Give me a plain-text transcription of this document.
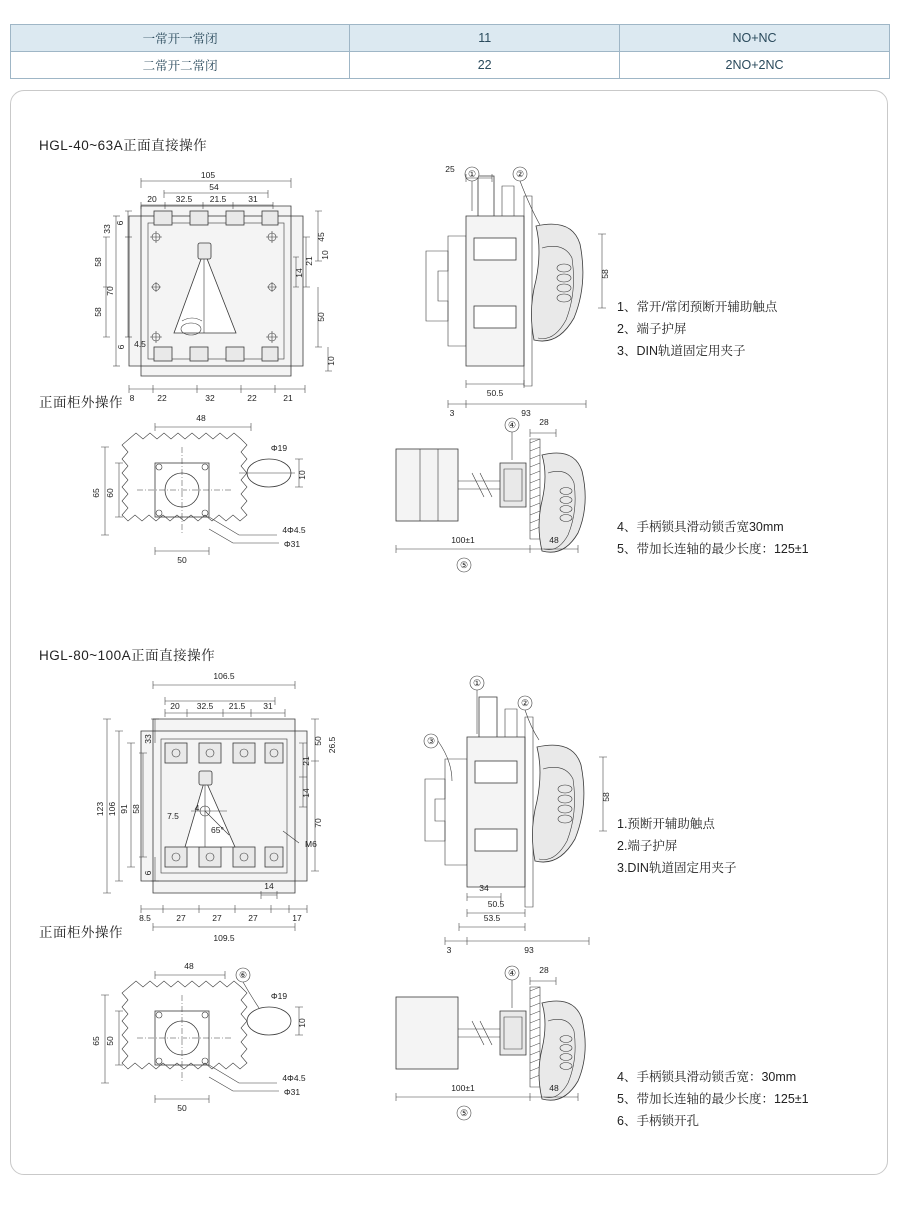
一常开一常闭	11	NO+NC
二常开二常闭	22	2NO+2NC
HGL-40~63A正面直接操作
105
54
20 32.5 21.5	31
33
6
70
58
58
6 4.5
45
21
14
10
50
10
8	22	32	22	21
①	②
25
50.5
3	93
58
1、常开/常闭预断开辅助触点
2、端子护屏
3、DIN轨道固定用夹子
正面柜外操作
48
65 60
10
Φ19
4Φ4.5
Φ31
50
④	28
100±1	48
⑤
4、手柄锁具滑动锁舌宽30mm
5、带加长连轴的最少长度：125±1
HGL-80~100A正面直接操作
M6
65°
106.5
20 32.5 21.5 31
123 106 91 58
33
6
7.5
4
50 26.5
21
14
70
8.5	27	27	27	17
14
109.5
①
②
③
34
50.5
53.5
3	93
58
1.预断开辅助触点
2.端子护屏
3.DIN轨道固定用夹子
正面柜外操作
⑥
48
65 50
10
Φ19
4Φ4.5
Φ31
50
④	28
100±1	48
⑤
4、手柄锁具滑动锁舌宽：30mm
5、带加长连轴的最少长度：125±1
6、手柄锁开孔
